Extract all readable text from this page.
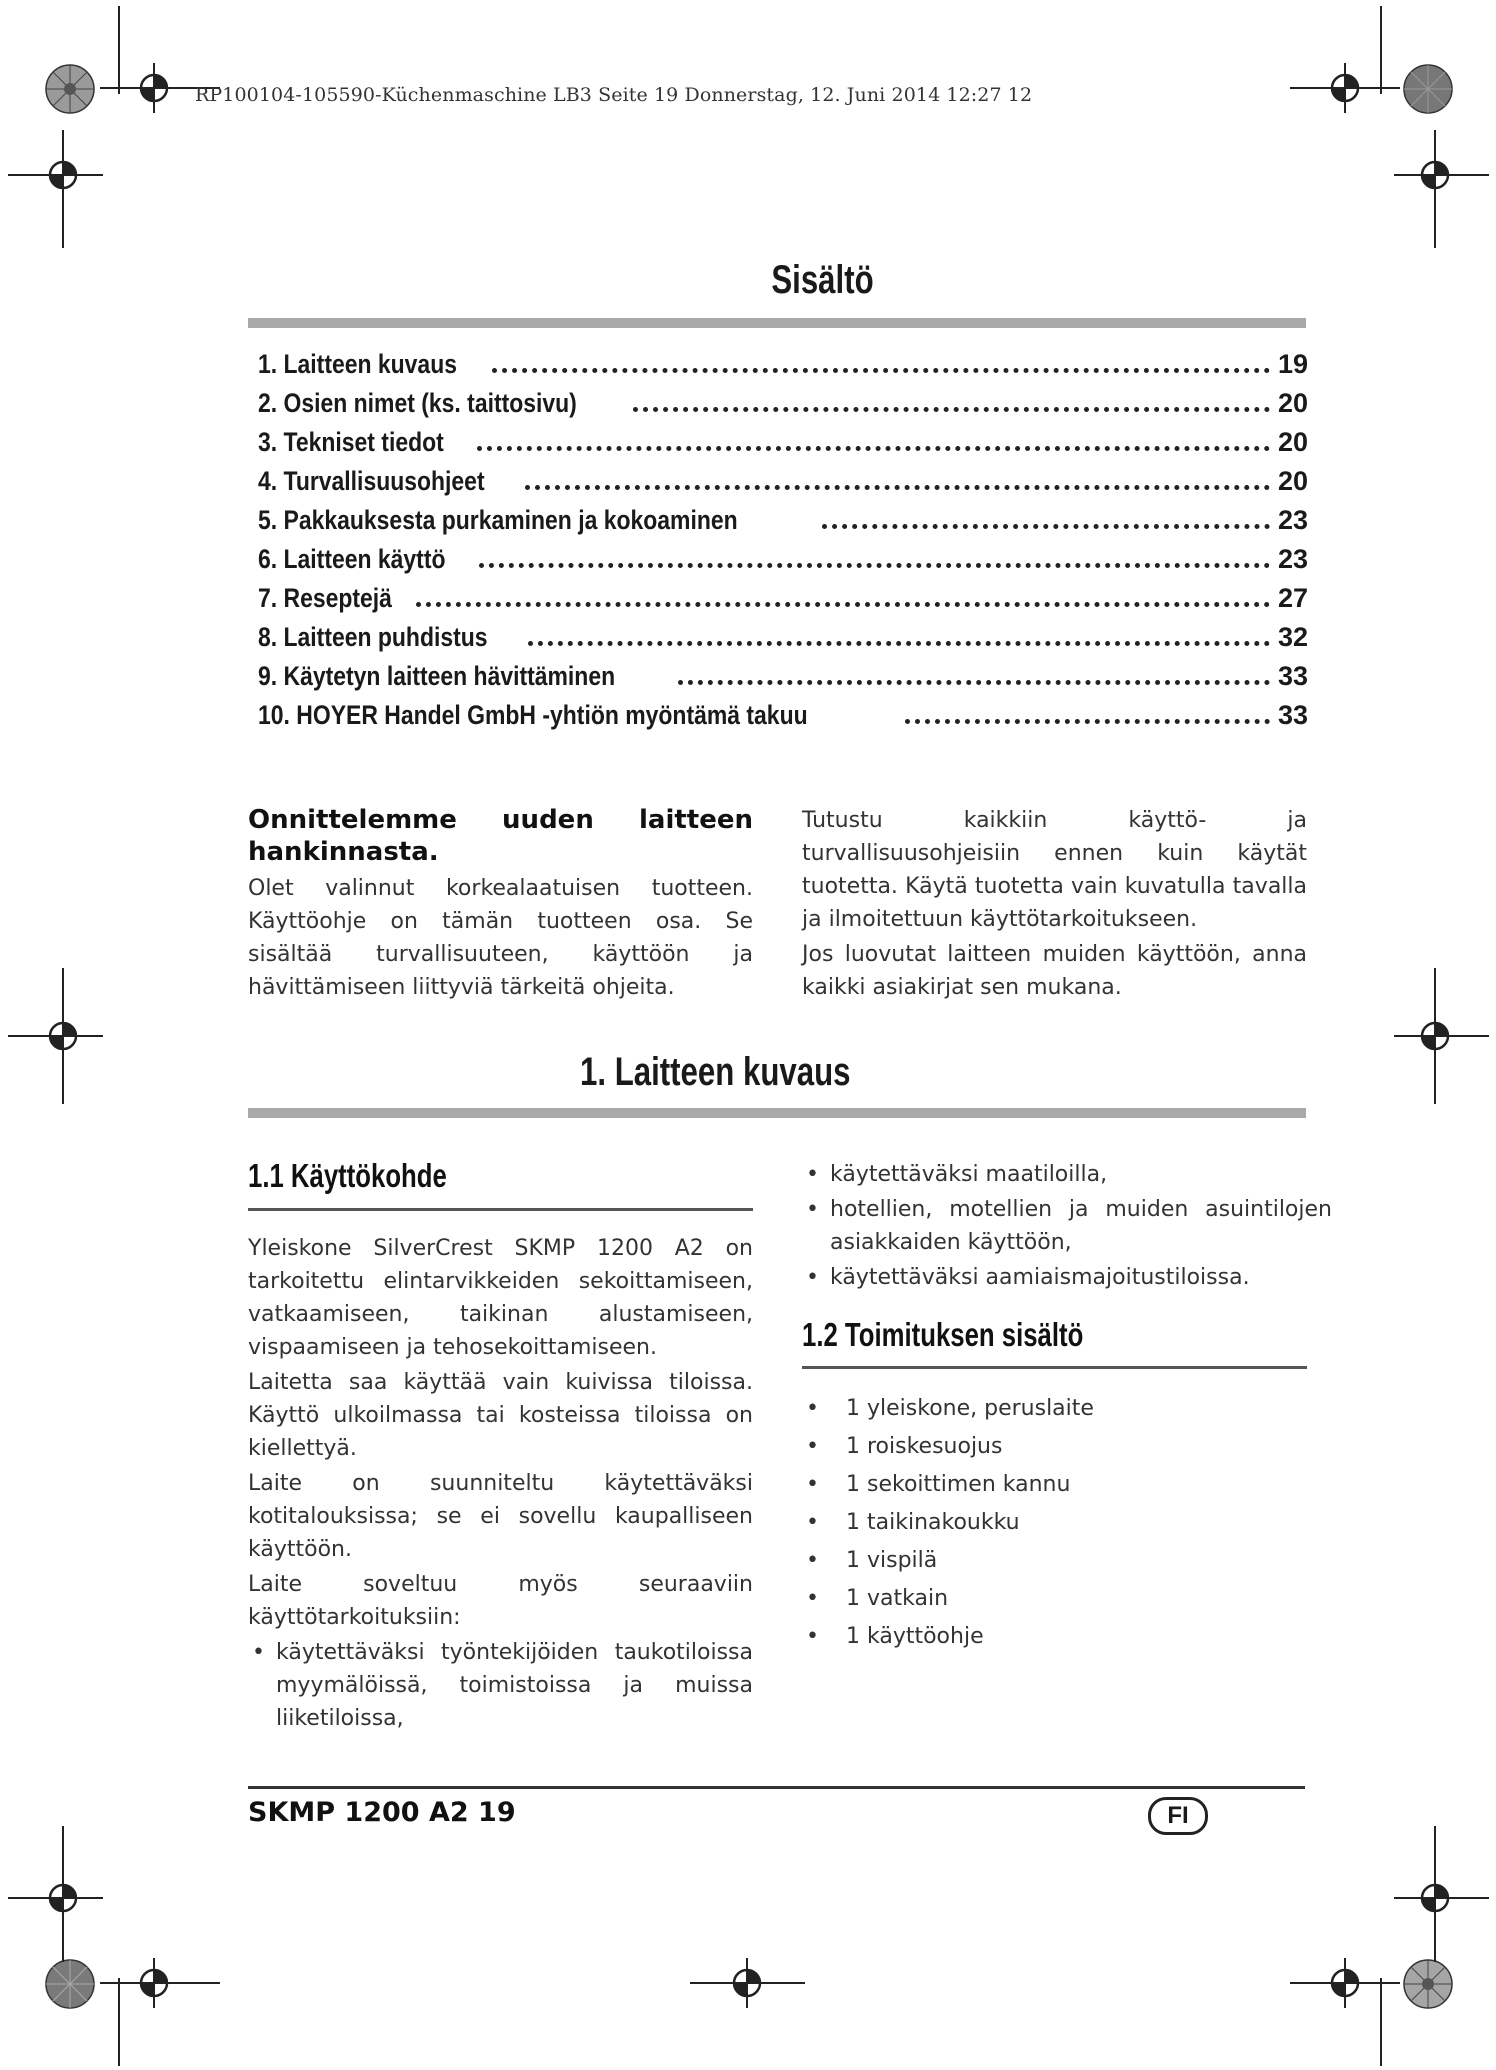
RP100104-105590-Küchenmaschine LB3 Seite 19 Donnerstag, 12. Juni 2014 12:27 12
Sisältö
1. Laitteen kuvaus	19
2. Osien nimet (ks. taittosivu)	20
3. Tekniset tiedot	20
4. Turvallisuusohjeet	20
5. Pakkauksesta purkaminen ja kokoaminen	23
6. Laitteen käyttö	23
7. Reseptejä	27
8. Laitteen puhdistus	32
9. Käytetyn laitteen hävittäminen	33
10. HOYER Handel GmbH -yhtiön myöntämä takuu	33
Onnittelemme uuden laitteen hankinnasta.

Olet valinnut korkealaatuisen tuotteen. Käyttöohje on tämän tuotteen osa. Se sisältää turvallisuuteen, käyttöön ja hävittämiseen liittyviä tärkeitä ohjeita.

Tutustu kaikkiin käyttö- ja turvallisuusohjeisiin ennen kuin käytät tuotetta. Käytä tuotetta vain kuvatulla tavalla ja ilmoitettuun käyttötarkoitukseen.

Jos luovutat laitteen muiden käyttöön, anna kaikki asiakirjat sen mukana.

1. Laitteen kuvaus
1.1 Käyttökohde

Yleiskone SilverCrest SKMP 1200 A2 on tarkoitettu elintarvikkeiden sekoittamiseen, vatkaamiseen, taikinan alustamiseen, vispaamiseen ja tehosekoittamiseen.

Laitetta saa käyttää vain kuivissa tiloissa. Käyttö ulkoilmassa tai kosteissa tiloissa on kiellettyä.

Laite on suunniteltu käytettäväksi kotitalouksissa; se ei sovellu kaupalliseen käyttöön.

Laite soveltuu myös seuraaviin käyttötarkoituksiin:

• käytettäväksi työntekijöiden taukotiloissa myymälöissä, toimistoissa ja muissa liiketiloissa,
• käytettäväksi maatiloilla,
• hotellien, motellien ja muiden asuintilojen asiakkaiden käyttöön,
• käytettäväksi aamiaismajoitustiloissa.
1.2 Toimituksen sisältö
• 1 yleiskone, peruslaite
• 1 roiskesuojus
• 1 sekoittimen kannu
• 1 taikinakoukku
• 1 vispilä
• 1 vatkain
• 1 käyttöohje
SKMP 1200 A2 19	FI
